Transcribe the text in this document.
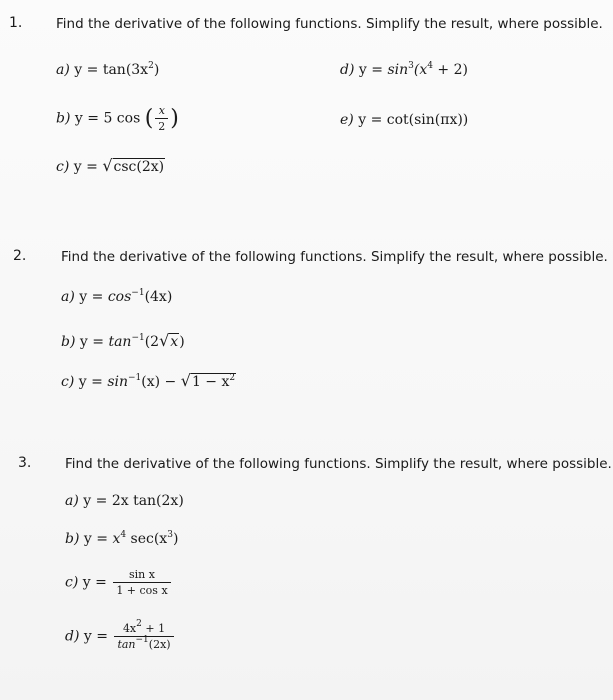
1. Find the derivative of the following functions. Simplify the result, where possible.
a) $y = \tan(3x^2)$	d) $y = \sin^3(x^4 + 2)$
b) y = 5 cos ( $\frac{x}{2}$ )	e) y = cot(sin(πx))
c) y = √csc(2x)
2.	Find the derivative of the following functions. Simplify the result, where possible.
a) $y = \cos^{-1}(4x)$
b) $y = \tan^{-1}(2√x)$
c) $y = \sin^{-1}(x) - √1 - x^2$
3. Find the derivative of the following functions. Simplify the result, where possible.
a) y = 2x tan(2x)
b) $y = x^4$ $\sec(x^3)$
c) $y = \frac{\text{sin x}}{\text{1 + cos x}}$
d) $y = \frac{4x^2 + 1}{\tan^{-1}(2x)}$
